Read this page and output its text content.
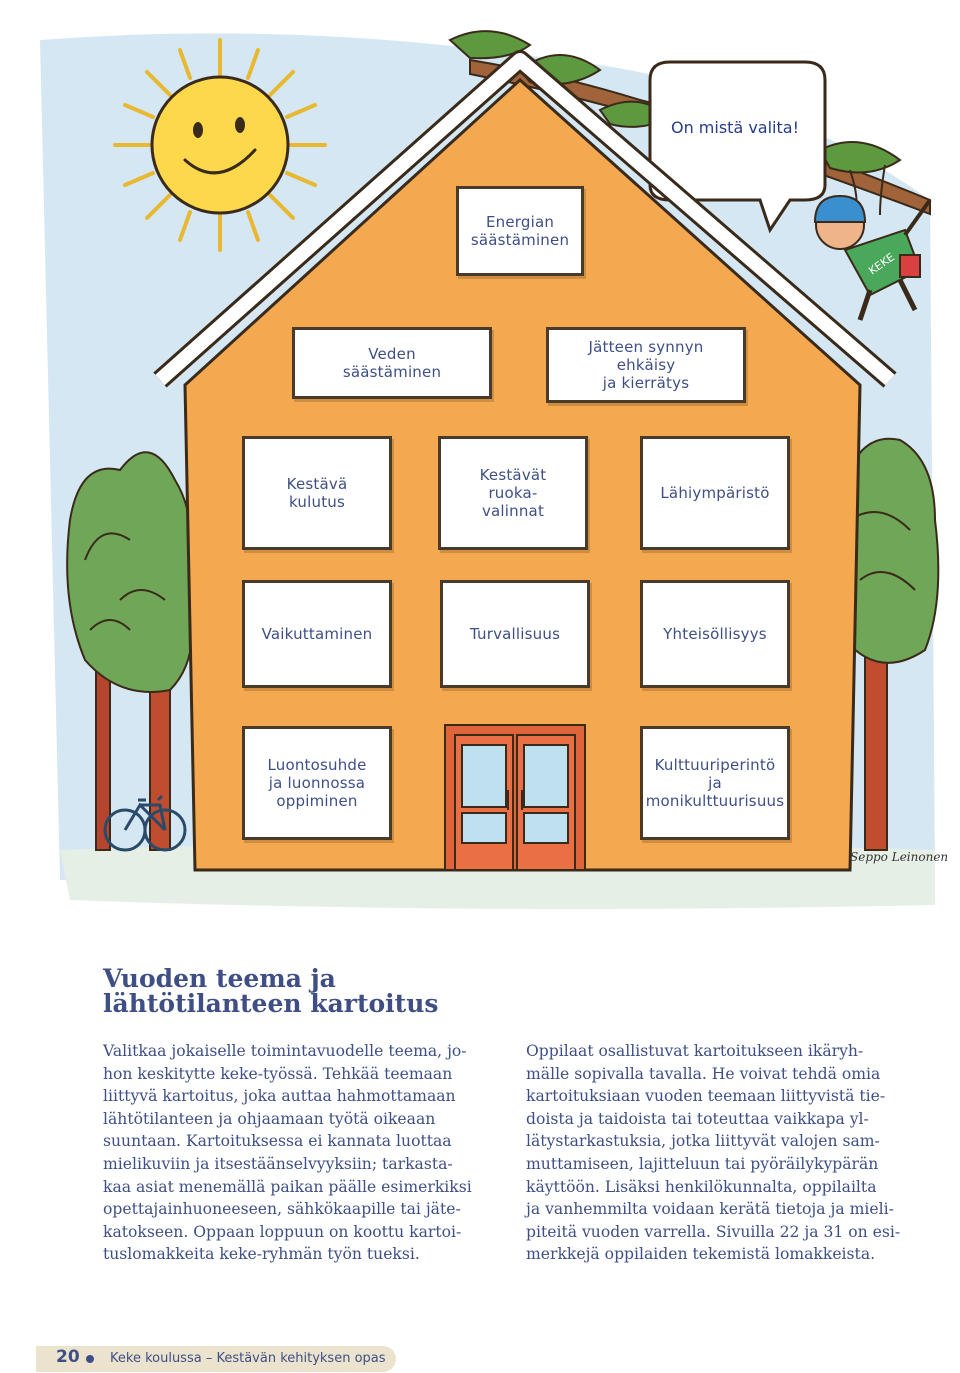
KEKE
On mistä valita!
Energian
säästäminen
Veden
säästäminen
Jätteen synnyn
ehkäisy
ja kierrätys
Kestävä
kulutus
Kestävät
ruoka-
valinnat
Lähiympäristö
Vaikuttaminen	Turvallisuus	Yhteisöllisyys
Luontosuhde
ja luonnossa
oppiminen
Kulttuuriperintö
ja
monikulttuurisuus
Seppo Leinonen
Vuoden teema ja
lähtötilanteen kartoitus
Valitkaa jokaiselle toimintavuodelle teema, jo-
hon keskitytte keke-työssä. Tehkää teemaan
liittyvä kartoitus, joka auttaa hahmottamaan
lähtötilanteen ja ohjaamaan työtä oikeaan
suuntaan. Kartoituksessa ei kannata luottaa
mielikuviin ja itsestäänselvyyksiin; tarkasta-
kaa asiat menemällä paikan päälle esimerkiksi
opettajainhuoneeseen, sähkökaapille tai jäte-
katokseen. Oppaan loppuun on koottu kartoi-
tuslomakkeita keke-ryhmän työn tueksi.
Oppilaat osallistuvat kartoitukseen ikäryh-
mälle sopivalla tavalla. He voivat tehdä omia
kartoituksiaan vuoden teemaan liittyvistä tie-
doista ja taidoista tai toteuttaa vaikkapa yl-
lätystarkastuksia, jotka liittyvät valojen sam-
muttamiseen, lajitteluun tai pyöräilykypärän
käyttöön. Lisäksi henkilökunnalta, oppilailta
ja vanhemmilta voidaan kerätä tietoja ja mieli-
piteitä vuoden varrella. Sivuilla 22 ja 31 on esi-
merkkejä oppilaiden tekemistä lomakkeista.
20 Keke koulussa – Kestävän kehityksen opas
